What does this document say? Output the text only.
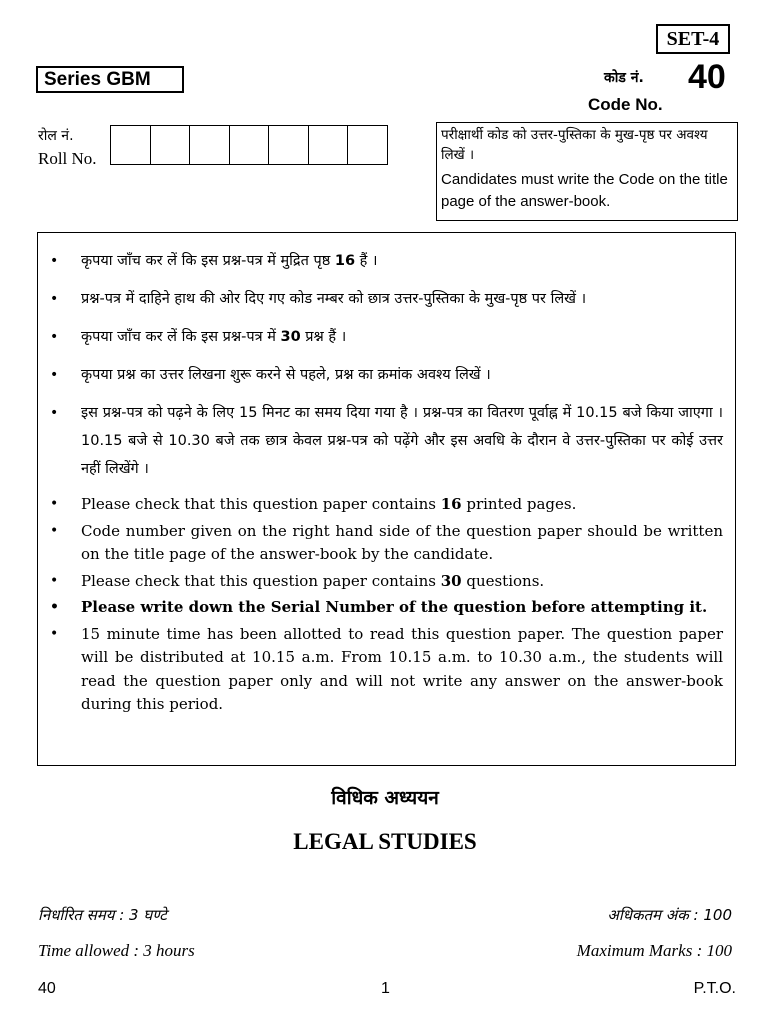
SET-4
Series GBM	कोड नं. 40
Code No.
रोल नं.
Roll No.
परीक्षार्थी कोड को उत्तर-पुस्तिका के मुख-पृष्ठ पर अवश्य लिखें ।
Candidates must write the Code on the title page of the answer-book.
• कृपया जाँच कर लें कि इस प्रश्न-पत्र में मुद्रित पृष्ठ 16 हैं ।
• प्रश्न-पत्र में दाहिने हाथ की ओर दिए गए कोड नम्बर को छात्र उत्तर-पुस्तिका के मुख-पृष्ठ पर लिखें ।
• कृपया जाँच कर लें कि इस प्रश्न-पत्र में 30 प्रश्न हैं ।
• कृपया प्रश्न का उत्तर लिखना शुरू करने से पहले, प्रश्न का क्रमांक अवश्य लिखें ।
• इस प्रश्न-पत्र को पढ़ने के लिए 15 मिनट का समय दिया गया है । प्रश्न-पत्र का वितरण पूर्वाह्न में 10.15 बजे किया जाएगा । 10.15 बजे से 10.30 बजे तक छात्र केवल प्रश्न-पत्र को पढ़ेंगे और इस अवधि के दौरान वे उत्तर-पुस्तिका पर कोई उत्तर नहीं लिखेंगे ।
• Please check that this question paper contains 16 printed pages.
• Code number given on the right hand side of the question paper should be written on the title page of the answer-book by the candidate.
• Please check that this question paper contains 30 questions.
• Please write down the Serial Number of the question before attempting it.
• 15 minute time has been allotted to read this question paper. The question paper will be distributed at 10.15 a.m. From 10.15 a.m. to 10.30 a.m., the students will read the question paper only and will not write any answer on the answer-book during this period.
विधिक अध्ययन
LEGAL STUDIES
निर्धारित समय : 3 घण्टे	अधिकतम अंक : 100
Time allowed : 3 hours	Maximum Marks : 100
40	1	P.T.O.
